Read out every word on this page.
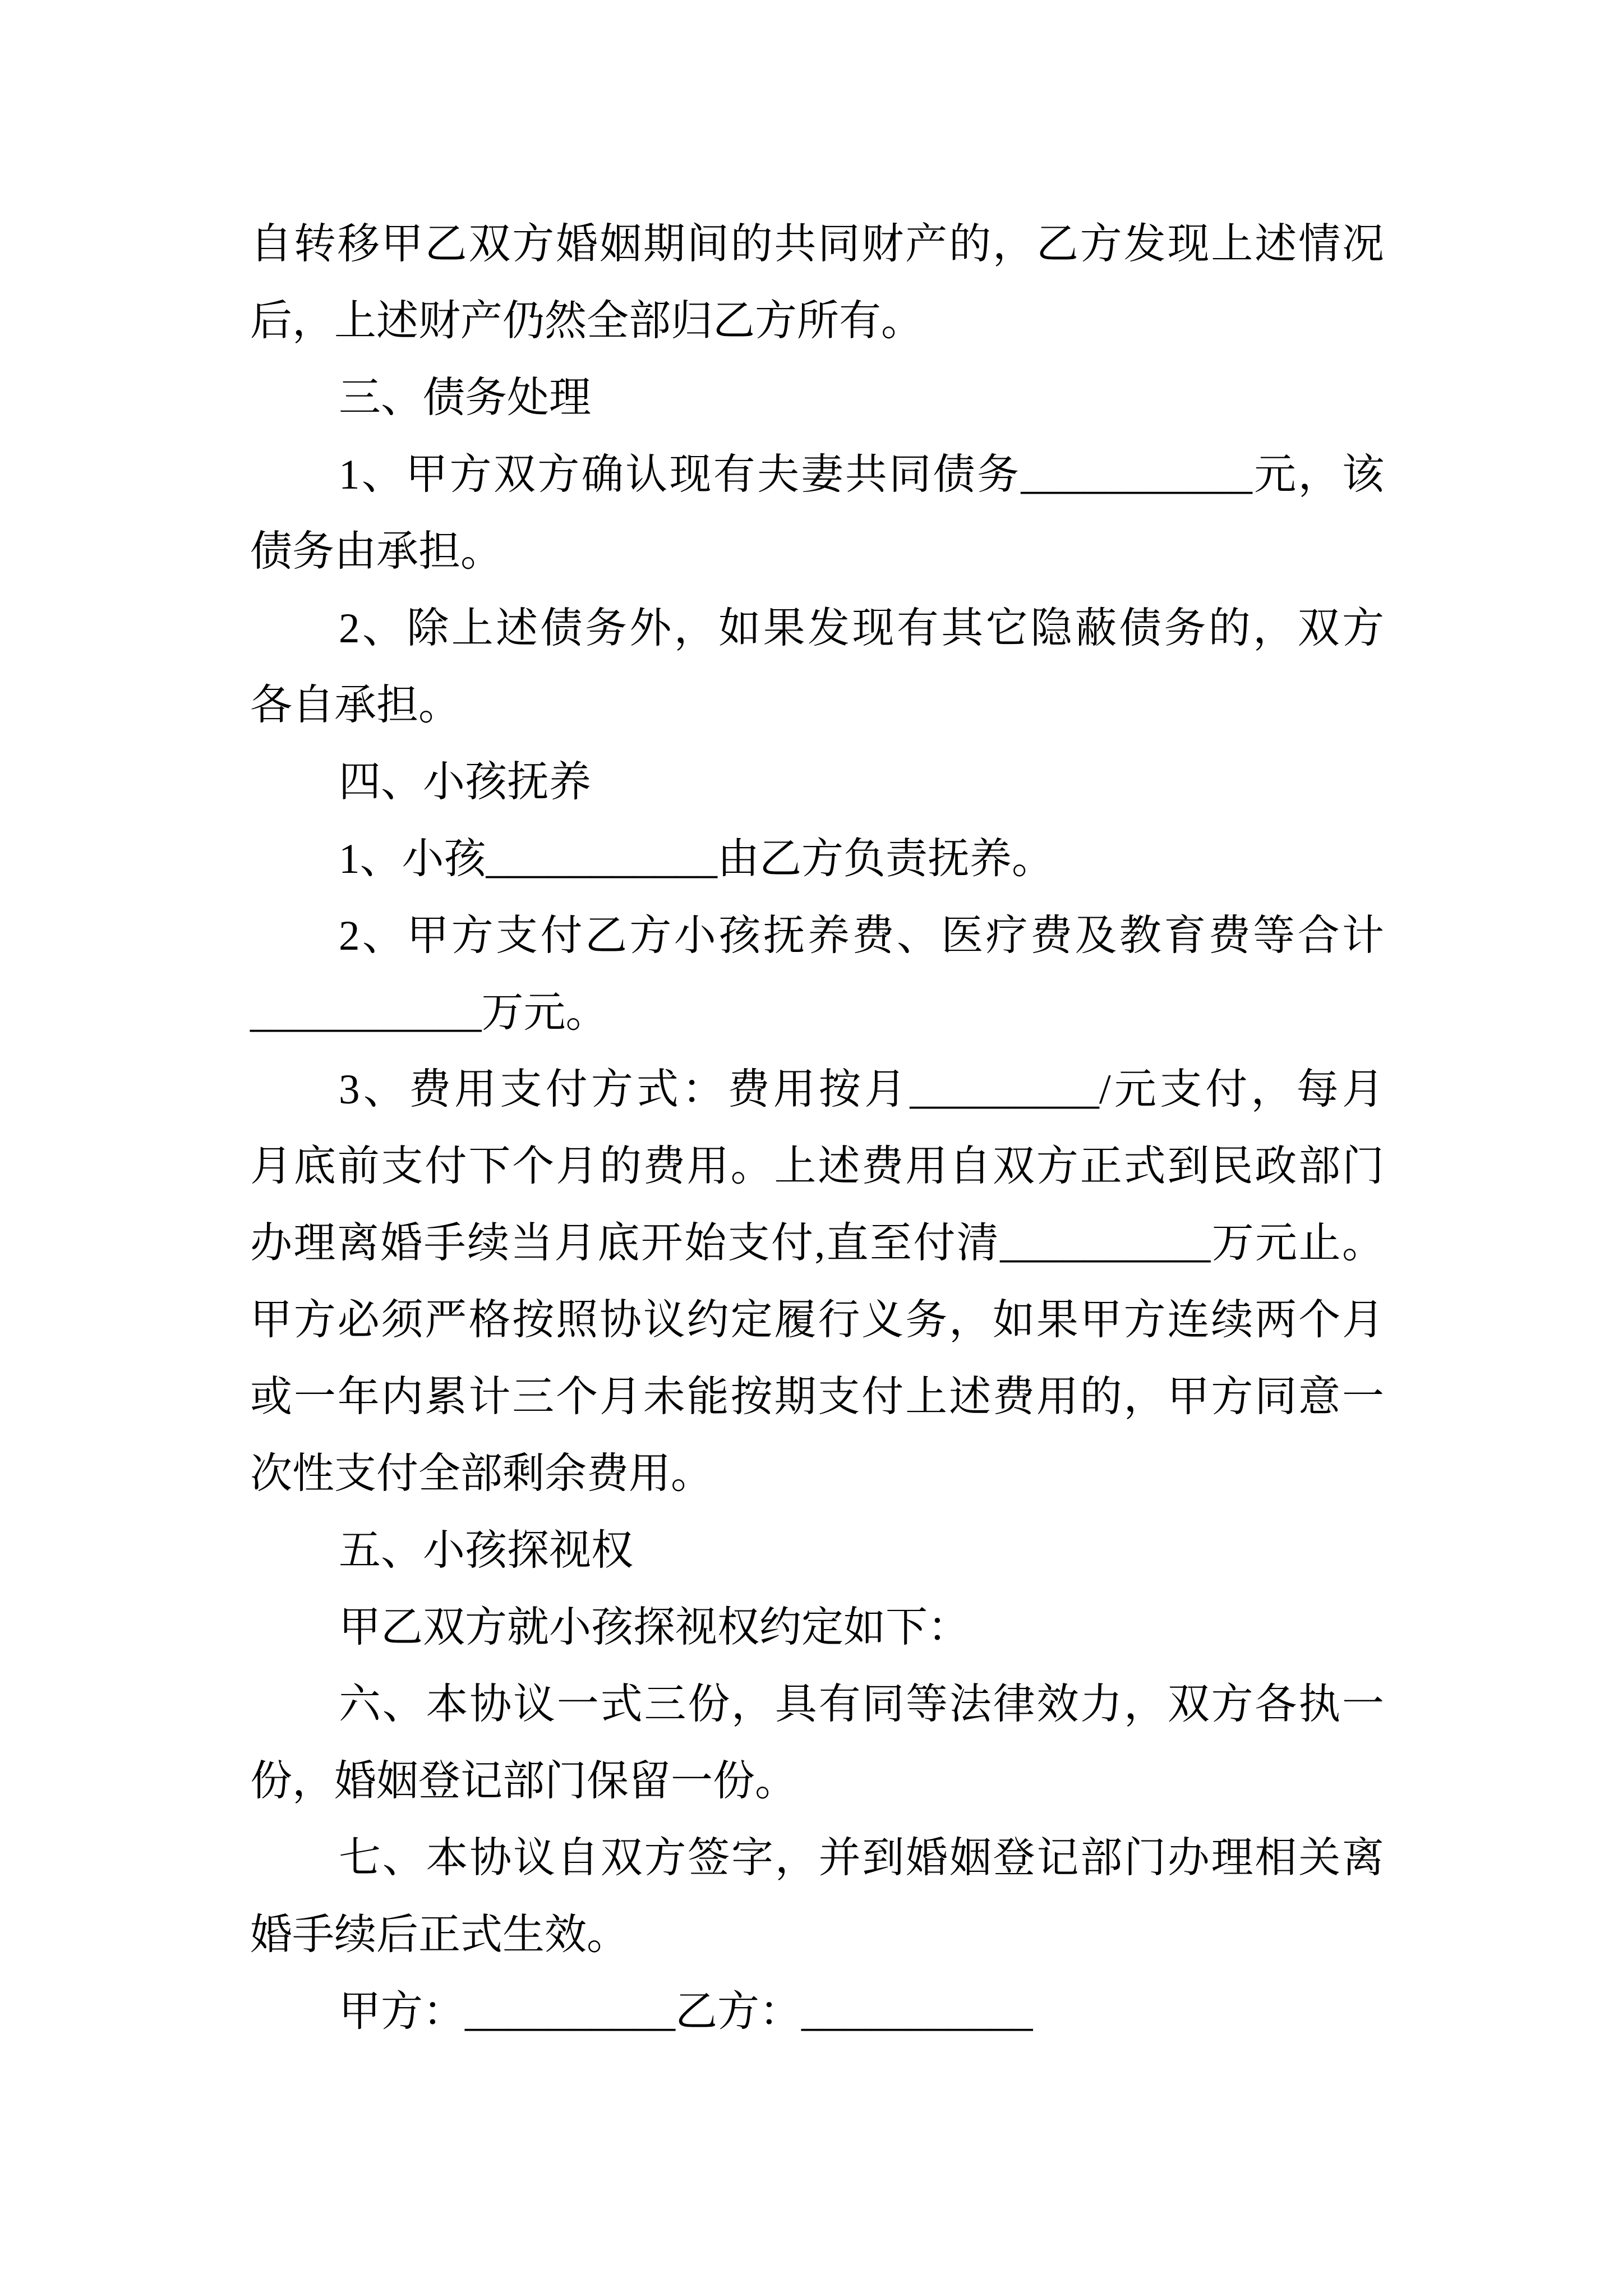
自转移甲乙双方婚姻期间的共同财产的，乙方发现上述情况
后，上述财产仍然全部归乙方所有。
三、债务处理
1、甲方双方确认现有夫妻共同债务___________元，该
债务由承担。
2、除上述债务外，如果发现有其它隐蔽债务的，双方
各自承担。
四、小孩抚养
1、小孩___________由乙方负责抚养。
2、甲方支付乙方小孩抚养费、医疗费及教育费等合计
___________万元。
3、费用支付方式：费用按月_________/元支付，每月
月底前支付下个月的费用。上述费用自双方正式到民政部门
办理离婚手续当月底开始支付,直至付清__________万元止。
甲方必须严格按照协议约定履行义务，如果甲方连续两个月
或一年内累计三个月未能按期支付上述费用的，甲方同意一
次性支付全部剩余费用。
五、小孩探视权
甲乙双方就小孩探视权约定如下：
六、本协议一式三份，具有同等法律效力，双方各执一
份，婚姻登记部门保留一份。
七、本协议自双方签字，并到婚姻登记部门办理相关离
婚手续后正式生效。
甲方：__________乙方：___________
